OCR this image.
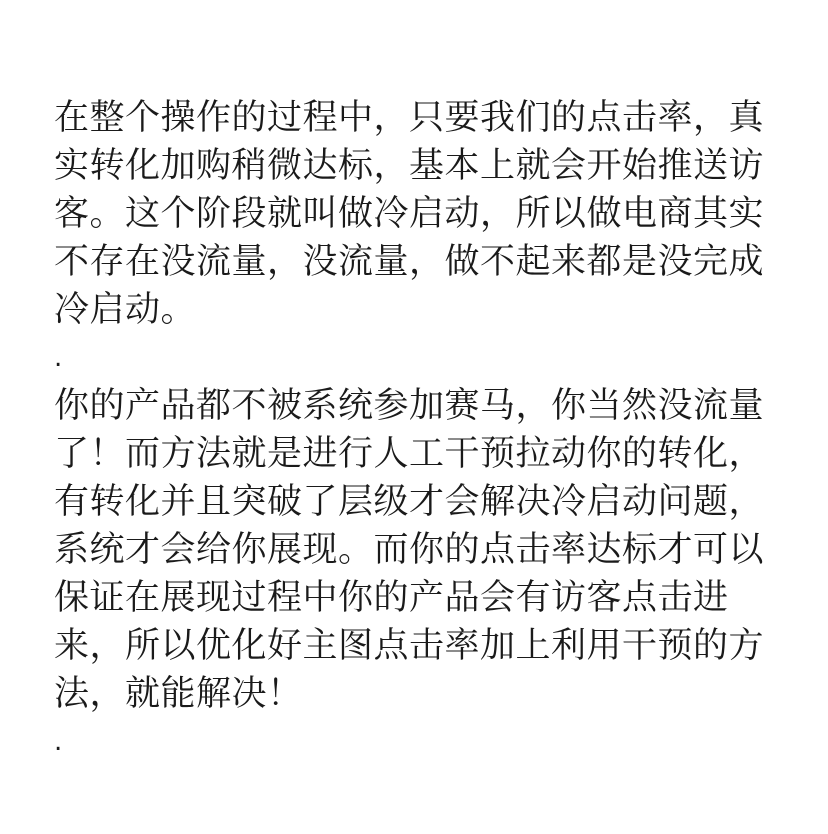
在整个操作的过程中，只要我们的点击率，真
实转化加购稍微达标，基本上就会开始推送访
客。这个阶段就叫做冷启动，所以做电商其实
不存在没流量，没流量，做不起来都是没完成
冷启动。
.
你的产品都不被系统参加赛马，你当然没流量
了！而方法就是进行人工干预拉动你的转化，
有转化并且突破了层级才会解决冷启动问题，
系统才会给你展现。而你的点击率达标才可以
保证在展现过程中你的产品会有访客点击进
来，所以优化好主图点击率加上利用干预的方
法，就能解决！
.
